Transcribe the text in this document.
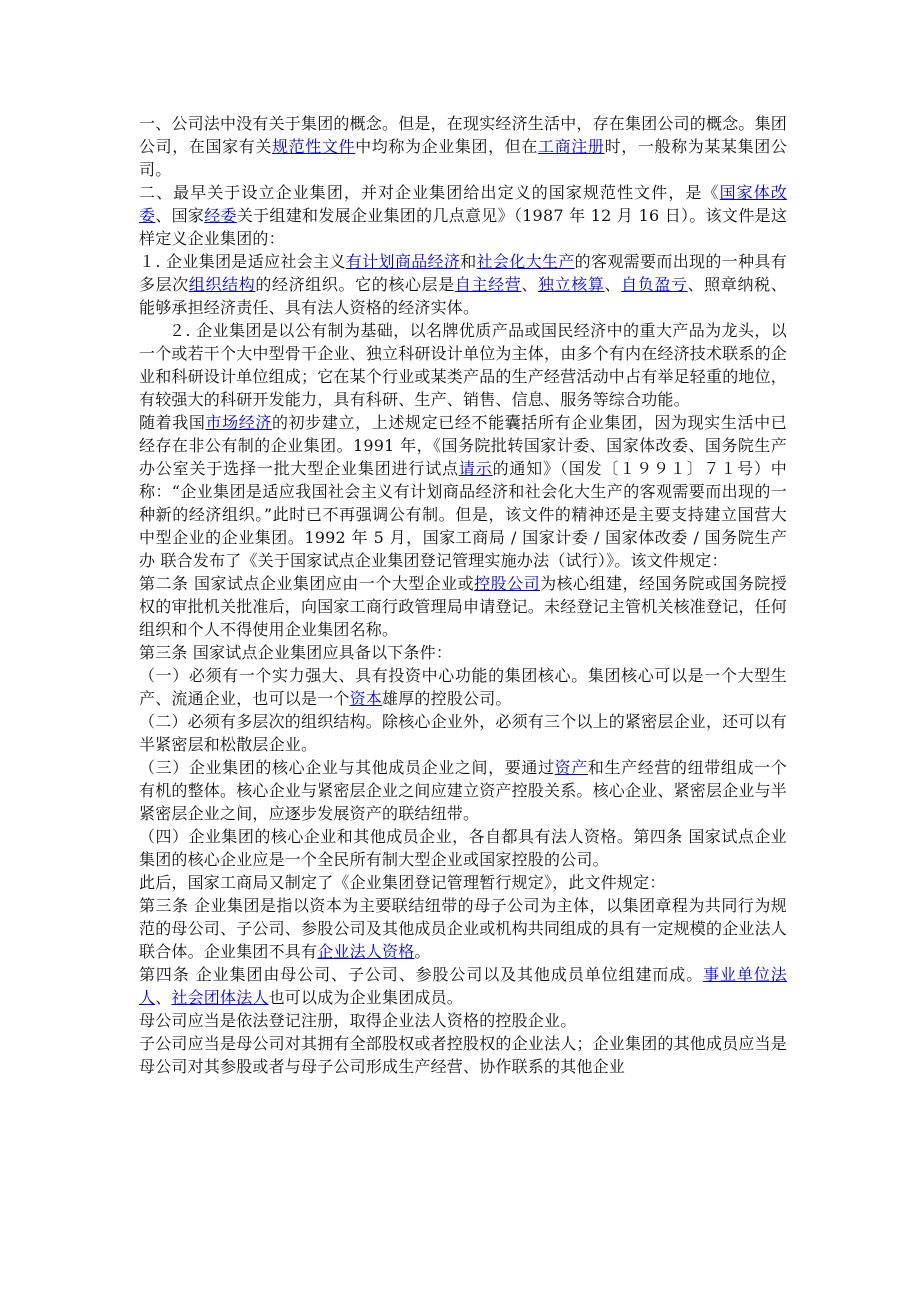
一、公司法中没有关于集团的概念。但是，在现实经济生活中，存在集团公司的概念。集团公司，在国家有关规范性文件中均称为企业集团，但在工商注册时，一般称为某某集团公司。

二、最早关于设立企业集团，并对企业集团给出定义的国家规范性文件，是《国家体改委、国家经委关于组建和发展企业集团的几点意见》（1987 年 12 月 16 日）。该文件是这样定义企业集团的：

１. 企业集团是适应社会主义有计划商品经济和社会化大生产的客观需要而出现的一种具有多层次组织结构的经济组织。它的核心层是自主经营、独立核算、自负盈亏、照章纳税、能够承担经济责任、具有法人资格的经济实体。

２. 企业集团是以公有制为基础，以名牌优质产品或国民经济中的重大产品为龙头，以一个或若干个大中型骨干企业、独立科研设计单位为主体，由多个有内在经济技术联系的企业和科研设计单位组成；它在某个行业或某类产品的生产经营活动中占有举足轻重的地位，有较强大的科研开发能力，具有科研、生产、销售、信息、服务等综合功能。

随着我国市场经济的初步建立，上述规定已经不能囊括所有企业集团，因为现实生活中已经存在非公有制的企业集团。1991 年，《国务院批转国家计委、国家体改委、国务院生产办公室关于选择一批大型企业集团进行试点请示的通知》（国发〔１９９１〕７１号）中称：“企业集团是适应我国社会主义有计划商品经济和社会化大生产的客观需要而出现的一种新的经济组织。”此时已不再强调公有制。但是，该文件的精神还是主要支持建立国营大中型企业的企业集团。1992 年 5 月，国家工商局 / 国家计委 / 国家体改委 / 国务院生产办 联合发布了《关于国家试点企业集团登记管理实施办法（试行）》。该文件规定：

第二条 国家试点企业集团应由一个大型企业或控股公司为核心组建，经国务院或国务院授权的审批机关批准后，向国家工商行政管理局申请登记。未经登记主管机关核准登记，任何组织和个人不得使用企业集团名称。

第三条 国家试点企业集团应具备以下条件：

（一）必须有一个实力强大、具有投资中心功能的集团核心。集团核心可以是一个大型生产、流通企业，也可以是一个资本雄厚的控股公司。

（二）必须有多层次的组织结构。除核心企业外，必须有三个以上的紧密层企业，还可以有半紧密层和松散层企业。

（三）企业集团的核心企业与其他成员企业之间，要通过资产和生产经营的纽带组成一个有机的整体。核心企业与紧密层企业之间应建立资产控股关系。核心企业、紧密层企业与半紧密层企业之间，应逐步发展资产的联结纽带。

（四）企业集团的核心企业和其他成员企业，各自都具有法人资格。第四条 国家试点企业集团的核心企业应是一个全民所有制大型企业或国家控股的公司。

此后，国家工商局又制定了《企业集团登记管理暂行规定》，此文件规定：

第三条 企业集团是指以资本为主要联结纽带的母子公司为主体，以集团章程为共同行为规范的母公司、子公司、参股公司及其他成员企业或机构共同组成的具有一定规模的企业法人联合体。企业集团不具有企业法人资格。

第四条 企业集团由母公司、子公司、参股公司以及其他成员单位组建而成。事业单位法人、社会团体法人也可以成为企业集团成员。

母公司应当是依法登记注册，取得企业法人资格的控股企业。

子公司应当是母公司对其拥有全部股权或者控股权的企业法人；企业集团的其他成员应当是母公司对其参股或者与母子公司形成生产经营、协作联系的其他企业
